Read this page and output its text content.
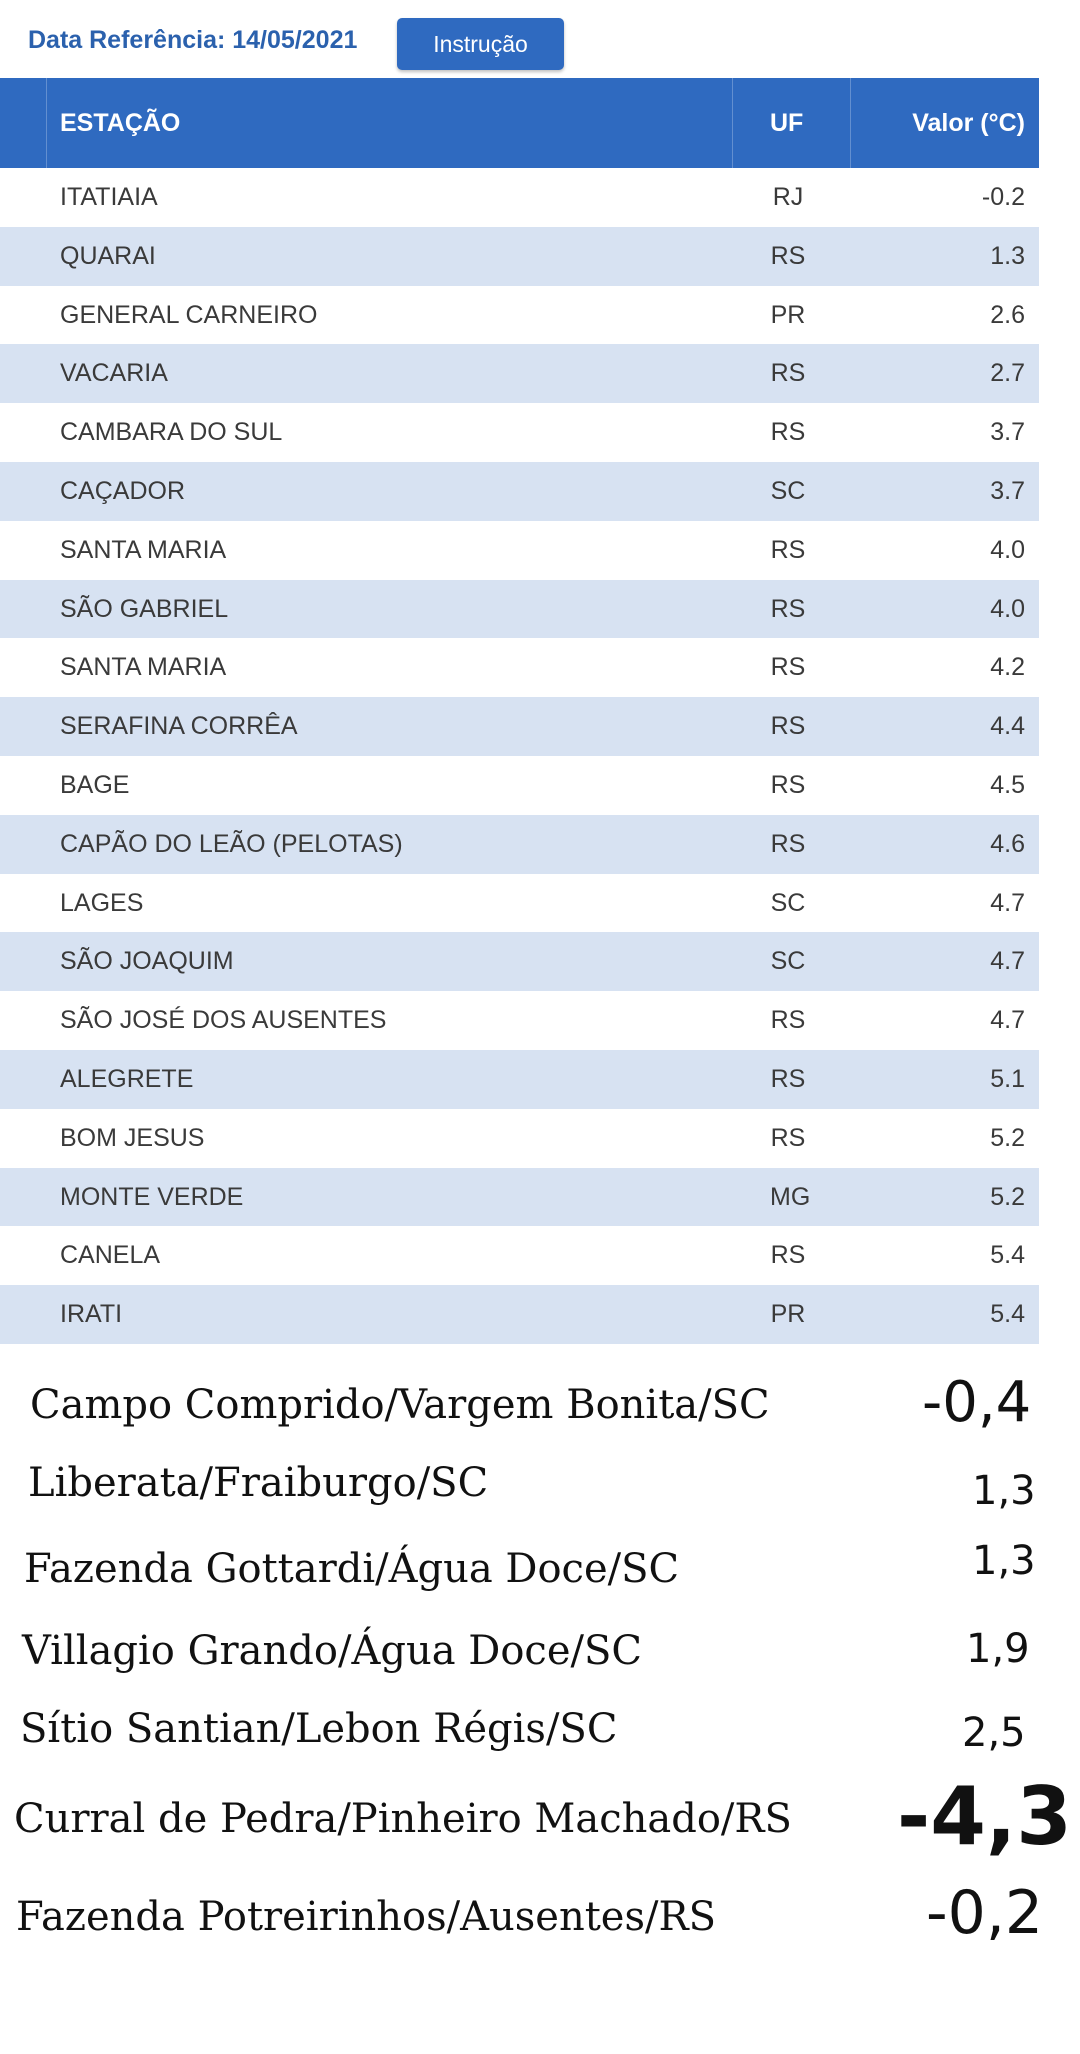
Data Referência: 14/05/2021	Instrução
ESTAÇÃO	UF	Valor (°C)
ITATIAIA	RJ	-0.2
QUARAI	RS	1.3
GENERAL CARNEIRO	PR	2.6
VACARIA	RS	2.7
CAMBARA DO SUL	RS	3.7
CAÇADOR	SC	3.7
SANTA MARIA	RS	4.0
SÃO GABRIEL	RS	4.0
SANTA MARIA	RS	4.2
SERAFINA CORRÊA	RS	4.4
BAGE	RS	4.5
CAPÃO DO LEÃO (PELOTAS)	RS	4.6
LAGES	SC	4.7
SÃO JOAQUIM	SC	4.7
SÃO JOSÉ DOS AUSENTES	RS	4.7
ALEGRETE	RS	5.1
BOM JESUS	RS	5.2
MONTE VERDE	MG	5.2
CANELA	RS	5.4
IRATI	PR	5.4
Campo Comprido/Vargem Bonita/SC	-0,4
Liberata/Fraiburgo/SC	1,3
Fazenda Gottardi/Água Doce/SC	1,3
Villagio Grando/Água Doce/SC	1,9
Sítio Santian/Lebon Régis/SC	2,5
Curral de Pedra/Pinheiro Machado/RS -4,3
Fazenda Potreirinhos/Ausentes/RS	-0,2
